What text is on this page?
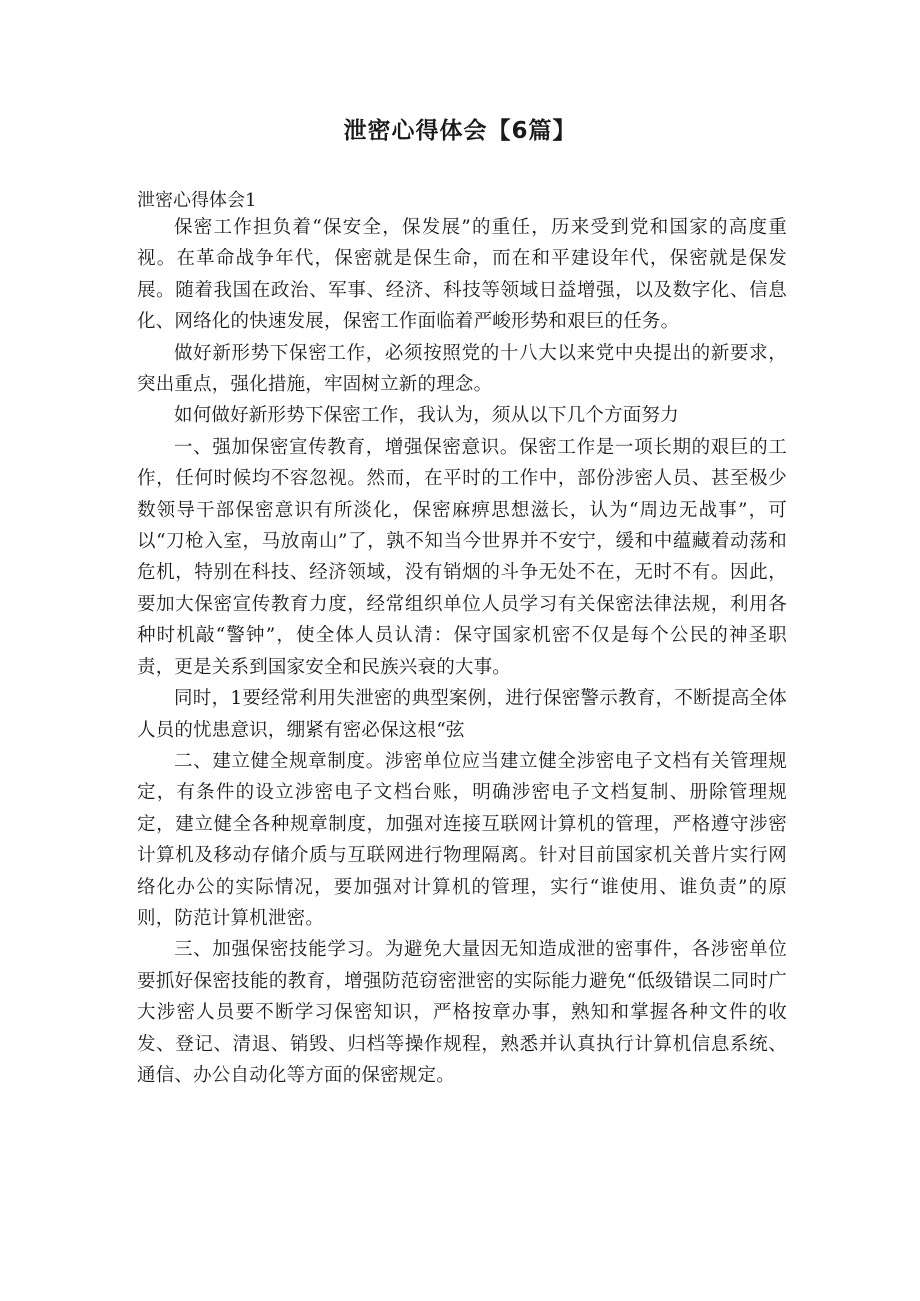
泄密心得体会【6篇】
泄密心得体会1

保密工作担负着“保安全，保发展”的重任，历来受到党和国家的高度重视。在革命战争年代，保密就是保生命，而在和平建设年代，保密就是保发展。随着我国在政治、军事、经济、科技等领域日益增强，以及数字化、信息化、网络化的快速发展，保密工作面临着严峻形势和艰巨的任务。

做好新形势下保密工作，必须按照党的十八大以来党中央提出的新要求，突出重点，强化措施，牢固树立新的理念。

如何做好新形势下保密工作，我认为，须从以下几个方面努力

一、强加保密宣传教育，增强保密意识。保密工作是一项长期的艰巨的工作，任何时候均不容忽视。然而，在平时的工作中，部份涉密人员、甚至极少数领导干部保密意识有所淡化，保密麻痹思想滋长，认为“周边无战事”，可以“刀枪入室，马放南山”了，孰不知当今世界并不安宁，缓和中蕴藏着动荡和危机，特别在科技、经济领域，没有销烟的斗争无处不在，无时不有。因此，要加大保密宣传教育力度，经常组织单位人员学习有关保密法律法规，利用各种时机敲“警钟”，使全体人员认清：保守国家机密不仅是每个公民的神圣职责，更是关系到国家安全和民族兴衰的大事。

同时，1要经常利用失泄密的典型案例，进行保密警示教育，不断提高全体人员的忧患意识，绷紧有密必保这根“弦

二、建立健全规章制度。涉密单位应当建立健全涉密电子文档有关管理规定，有条件的设立涉密电子文档台账，明确涉密电子文档复制、册除管理规定，建立健全各种规章制度，加强对连接互联网计算机的管理，严格遵守涉密计算机及移动存储介质与互联网进行物理隔离。针对目前国家机关普片实行网络化办公的实际情况，要加强对计算机的管理，实行“谁使用、谁负责”的原则，防范计算机泄密。

三、加强保密技能学习。为避免大量因无知造成泄的密事件，各涉密单位要抓好保密技能的教育，增强防范窃密泄密的实际能力避免“低级错误二同时广大涉密人员要不断学习保密知识，严格按章办事，熟知和掌握各种文件的收发、登记、清退、销毁、归档等操作规程，熟悉并认真执行计算机信息系统、通信、办公自动化等方面的保密规定。
